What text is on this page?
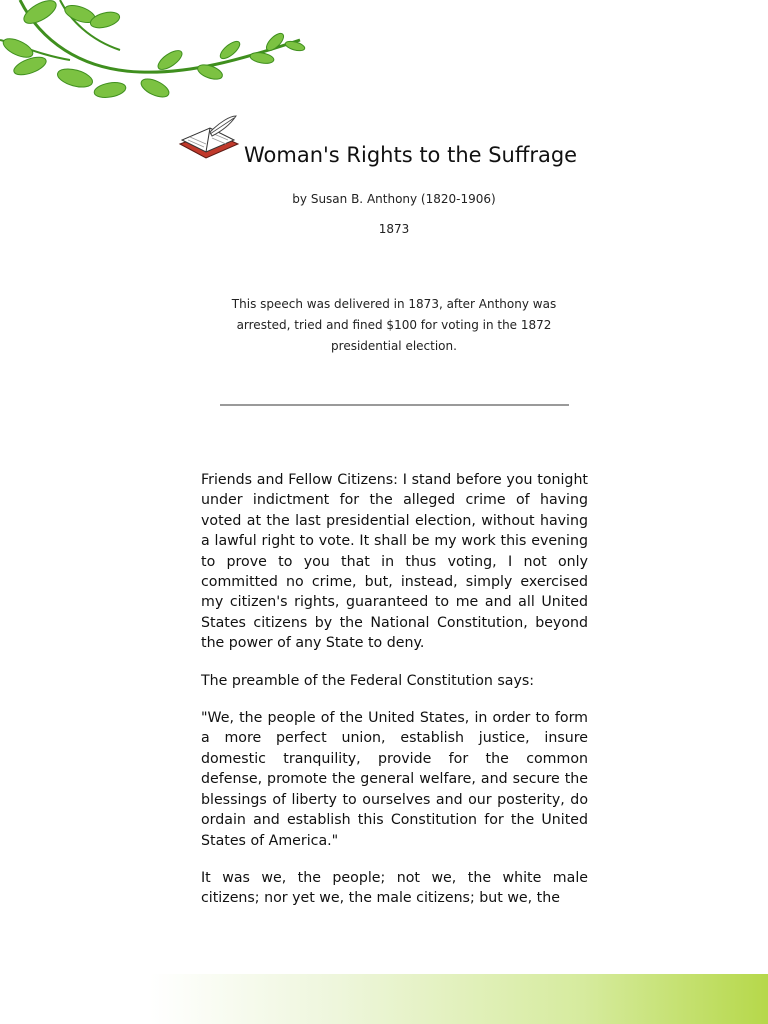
Woman's Rights to the Suffrage
by Susan B. Anthony (1820-1906)
1873
This speech was delivered in 1873, after Anthony was arrested, tried and fined $100 for voting in the 1872 presidential election.

Friends and Fellow Citizens: I stand before you tonight under indictment for the alleged crime of having voted at the last presidential election, without having a lawful right to vote. It shall be my work this evening to prove to you that in thus voting, I not only committed no crime, but, instead, simply exercised my citizen's rights, guaranteed to me and all United States citizens by the National Constitution, beyond the power of any State to deny.

The preamble of the Federal Constitution says:

"We, the people of the United States, in order to form a more perfect union, establish justice, insure domestic tranquility, provide for the common defense, promote the general welfare, and secure the blessings of liberty to ourselves and our posterity, do ordain and establish this Constitution for the United States of America."

It was we, the people; not we, the white male citizens; nor yet we, the male citizens; but we, the
